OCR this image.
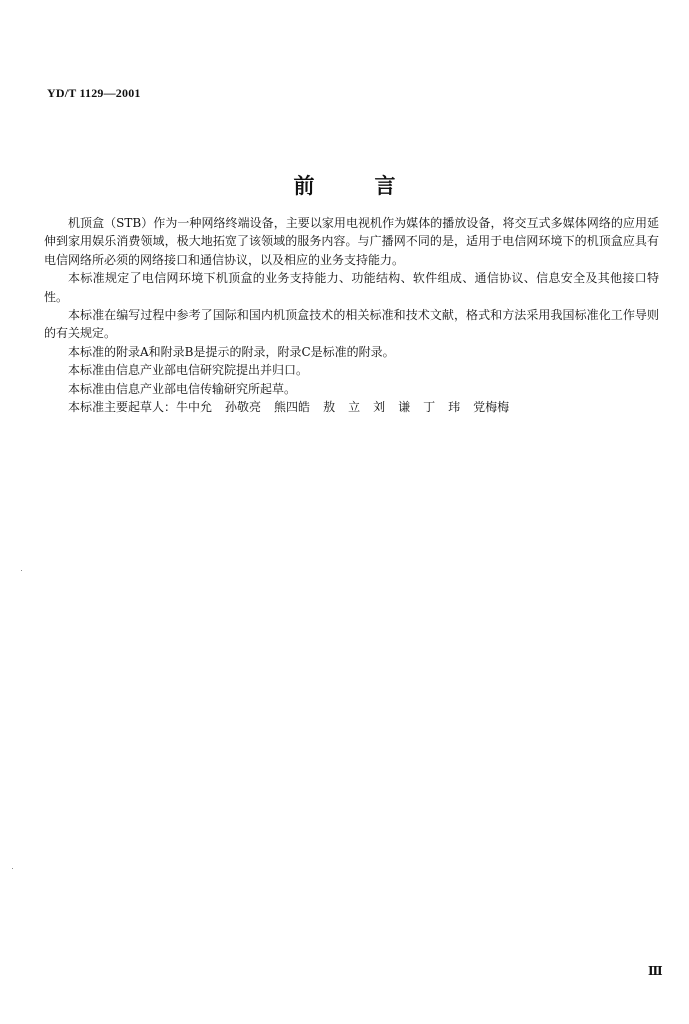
YD/T 1129—2001
前言

机顶盒（STB）作为一种网络终端设备，主要以家用电视机作为媒体的播放设备，将交互式多媒体网络的应用延伸到家用娱乐消费领域，极大地拓宽了该领域的服务内容。与广播网不同的是，适用于电信网环境下的机顶盒应具有电信网络所必须的网络接口和通信协议，以及相应的业务支持能力。

本标准规定了电信网环境下机顶盒的业务支持能力、功能结构、软件组成、通信协议、信息安全及其他接口特性。

本标准在编写过程中参考了国际和国内机顶盒技术的相关标准和技术文献，格式和方法采用我国标准化工作导则的有关规定。

本标准的附录A和附录B是提示的附录，附录C是标准的附录。

本标准由信息产业部电信研究院提出并归口。

本标准由信息产业部电信传输研究所起草。

本标准主要起草人：牛中允 孙敬亮 熊四皓 敖 立 刘 谦 丁 玮 党梅梅

Ⅲ
